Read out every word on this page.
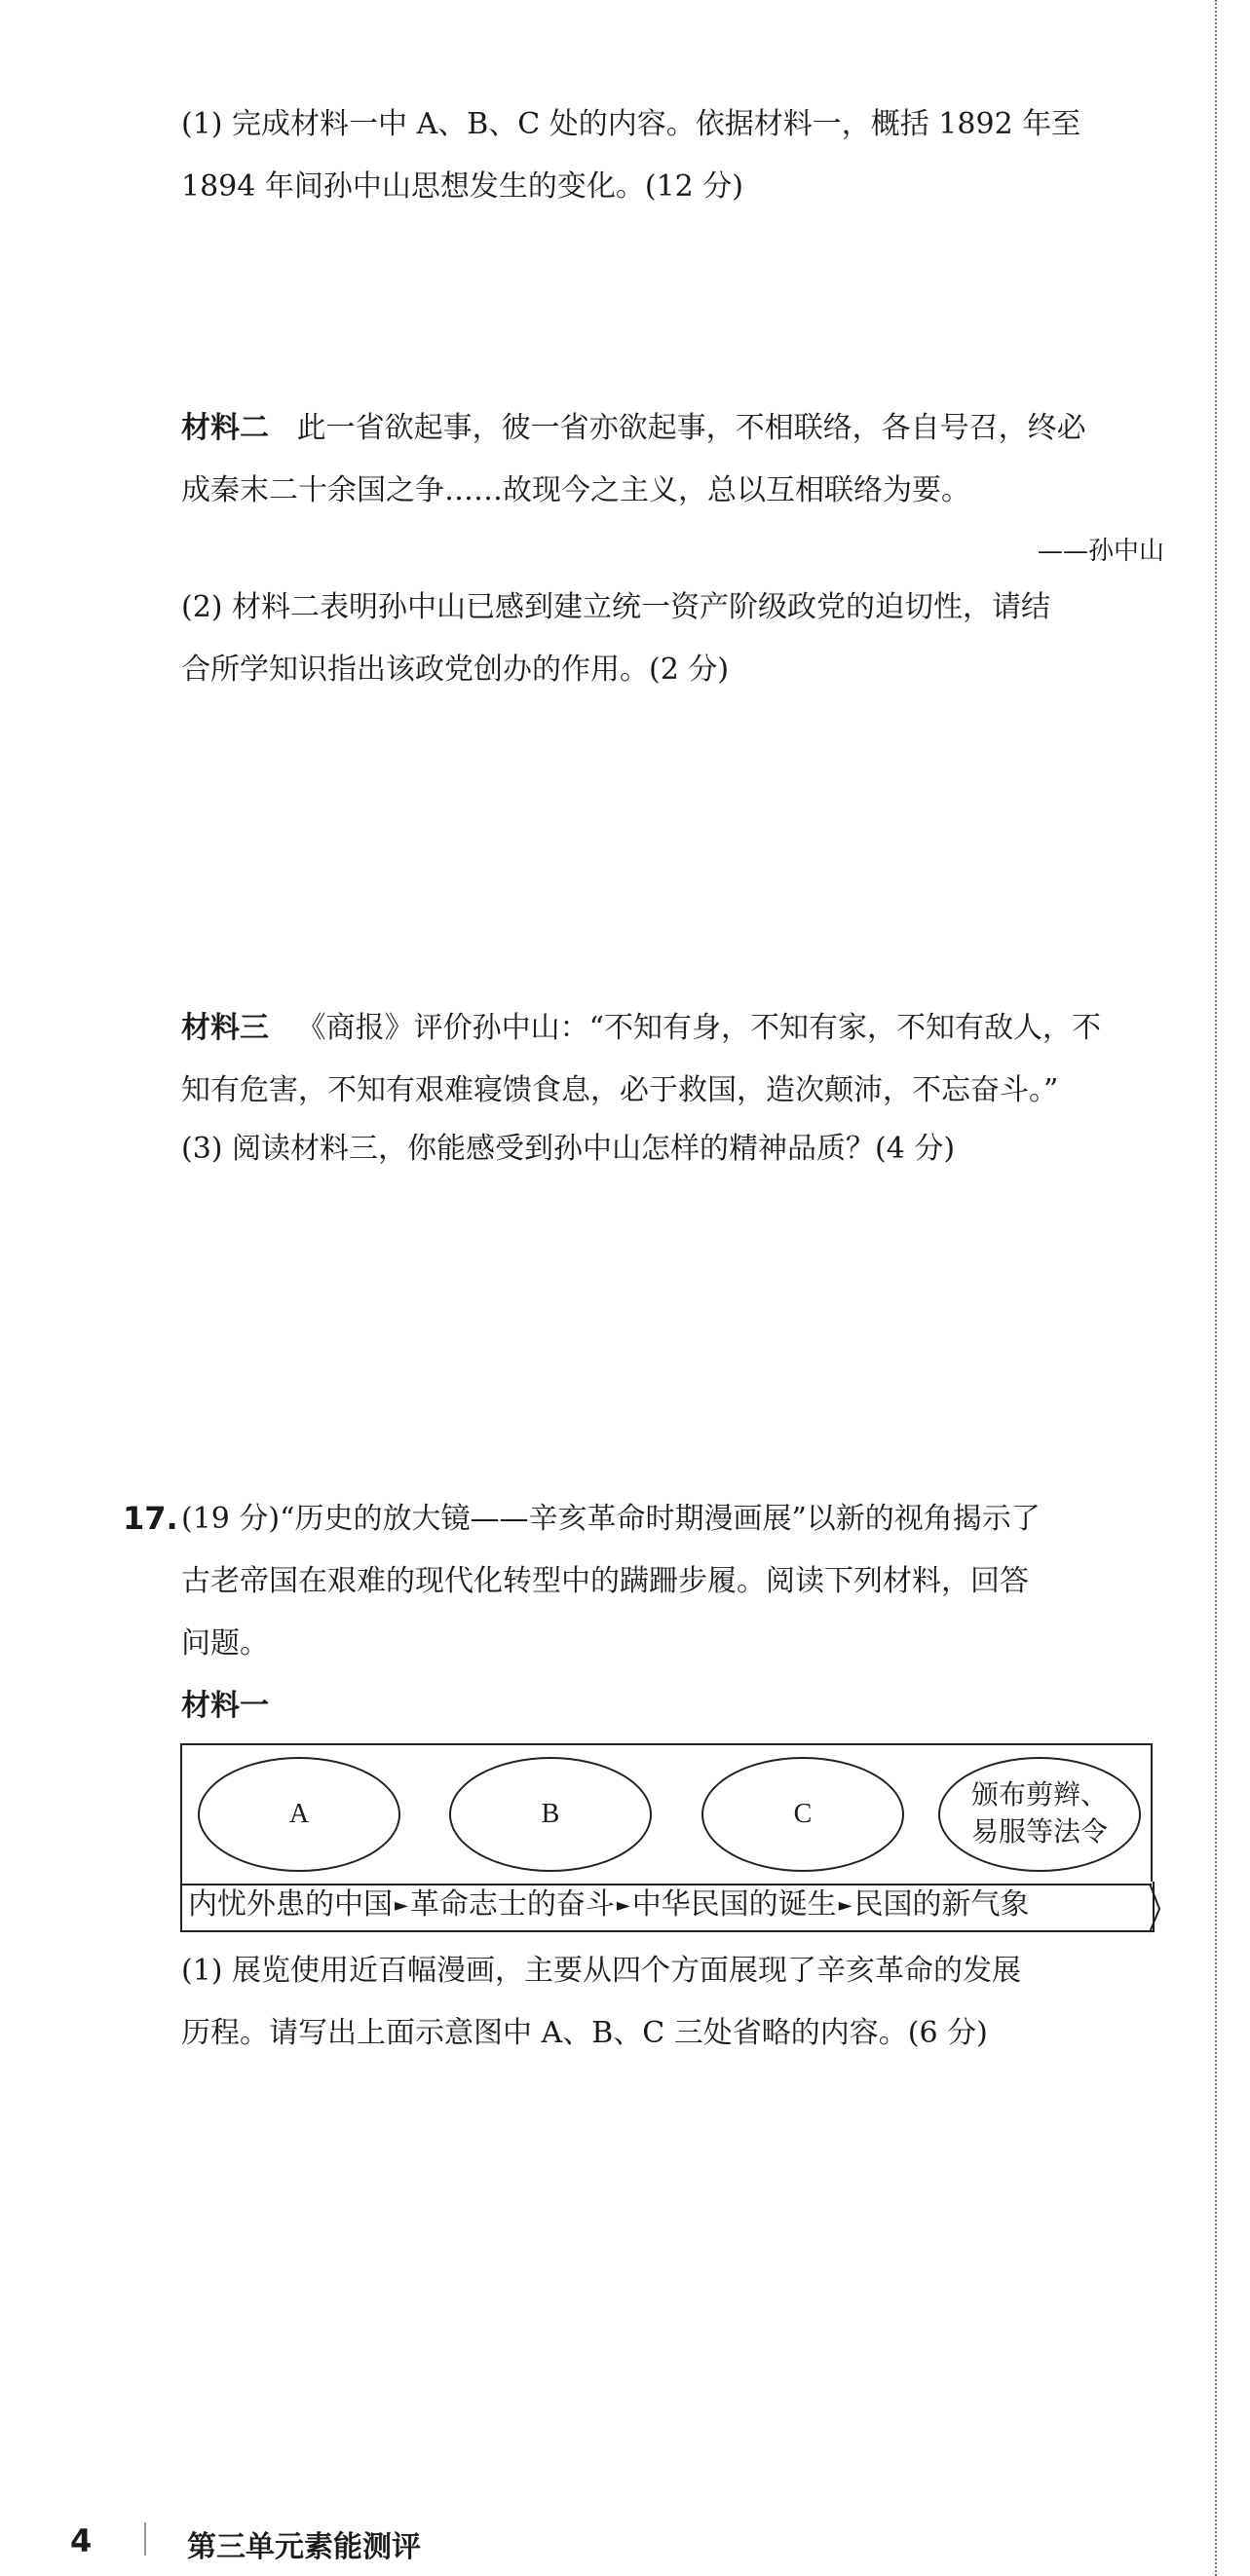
(1) 完成材料一中 A、B、C 处的内容。依据材料一，概括 1892 年至
1894 年间孙中山思想发生的变化。(12 分)
材料二 此一省欲起事，彼一省亦欲起事，不相联络，各自号召，终必
成秦末二十余国之争……故现今之主义，总以互相联络为要。
——孙中山
(2) 材料二表明孙中山已感到建立统一资产阶级政党的迫切性，请结
合所学知识指出该政党创办的作用。(2 分)
材料三 《商报》评价孙中山：“不知有身，不知有家，不知有敌人，不
知有危害，不知有艰难寝馈食息，必于救国，造次颠沛，不忘奋斗。”
(3) 阅读材料三，你能感受到孙中山怎样的精神品质？(4 分)
17. (19 分)“历史的放大镜——辛亥革命时期漫画展”以新的视角揭示了
古老帝国在艰难的现代化转型中的蹒跚步履。阅读下列材料，回答
问题。
材料一
A	B	C
颁布剪辫、
易服等法令
内忧外患的中国 ►革命志士的奋斗 ►中华民国的诞生 ►民国的新气象
(1) 展览使用近百幅漫画，主要从四个方面展现了辛亥革命的发展
历程。请写出上面示意图中 A、B、C 三处省略的内容。(6 分)
4	第三单元素能测评
